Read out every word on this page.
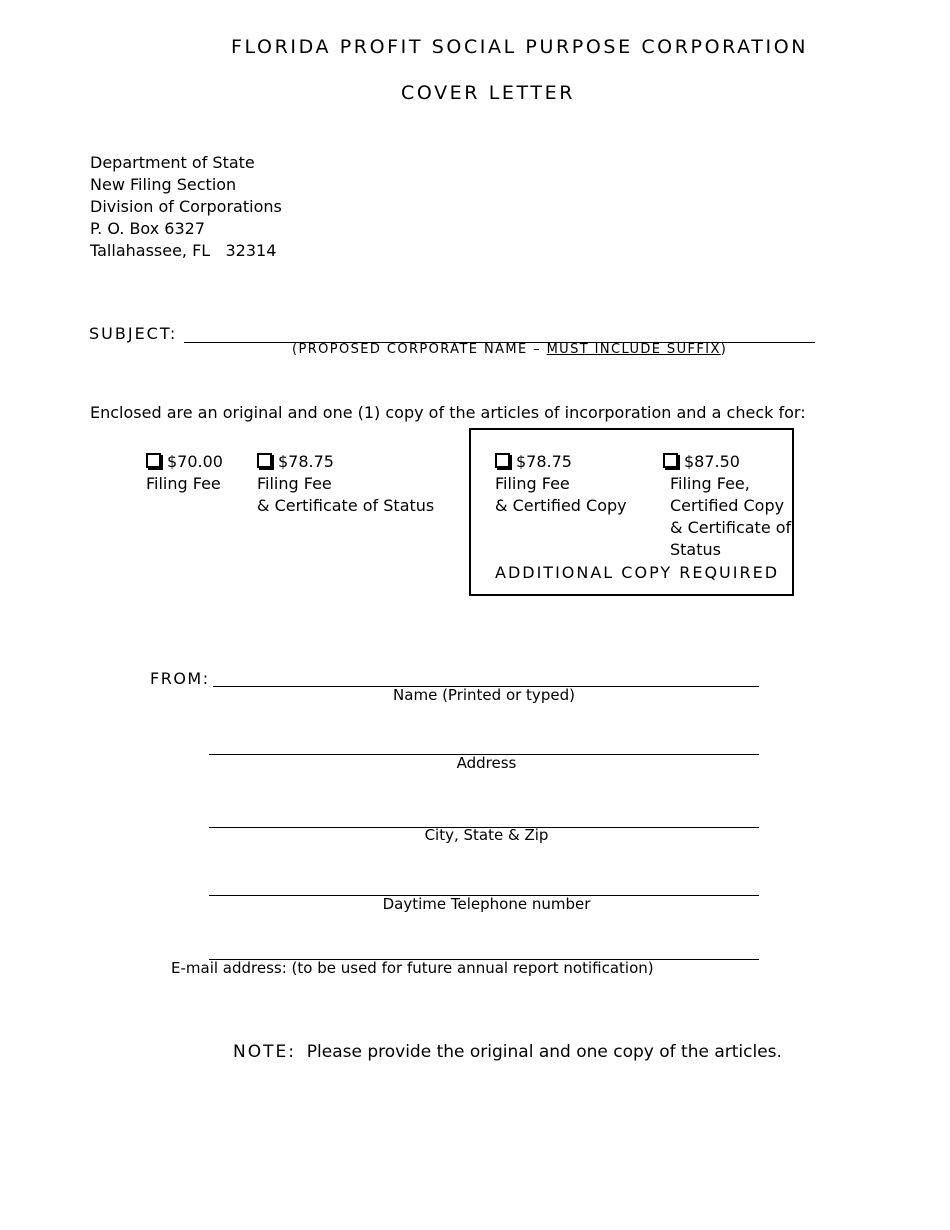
FLORIDA PROFIT SOCIAL PURPOSE CORPORATION
COVER LETTER
Department of State
New Filing Section
Division of Corporations
P. O. Box 6327
Tallahassee, FL   32314
SUBJECT:
(PROPOSED CORPORATE NAME – MUST INCLUDE SUFFIX)
Enclosed are an original and one (1) copy of the articles of incorporation and a check for:
$70.00
Filing Fee
$78.75
Filing Fee
& Certificate of Status
$78.75
Filing Fee
& Certified Copy
$87.50
Filing Fee,
Certified Copy
& Certificate of
Status
ADDITIONAL COPY REQUIRED
FROM:
Name (Printed or typed)
Address
City, State & Zip
Daytime Telephone number
E-mail address: (to be used for future annual report notification)
NOTE: Please provide the original and one copy of the articles.
